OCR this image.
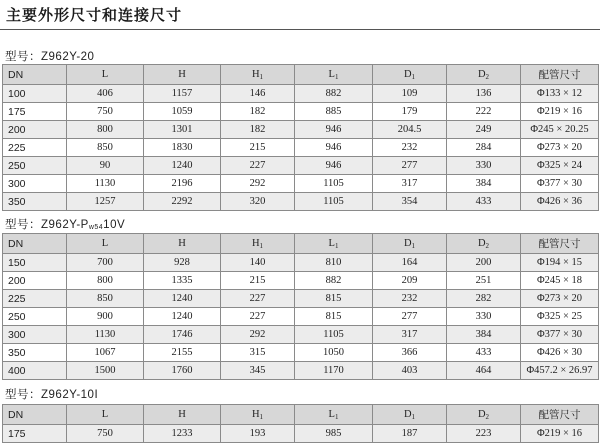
主要外形尺寸和连接尺寸
型号：Z962Y-20
DN	L	H	$H_1$	$L_1$	$D_1$	$D_2$	配管尺寸
100	406	1157	146	882	109	136	Φ133 × 12
175	750	1059	182	885	179	222	Φ219 × 16
200	800	1301	182	946	204.5	249	Φ245 × 20.25
225	850	1830	215	946	232	284	Φ273 × 20
250	90	1240	227	946	277	330	Φ325 × 24
300	1130	2196	292	1105	317	384	Φ377 × 30
350	1257	2292	320	1105	354	433	Φ426 × 36
型号：$Z962Y-P_{w54}10V$
DN	L	H	$H_1$	$L_1$	$D_1$	$D_2$	配管尺寸
150	700	928	140	810	164	200	Φ194 × 15
200	800	1335	215	882	209	251	Φ245 × 18
225	850	1240	227	815	232	282	Φ273 × 20
250	900	1240	227	815	277	330	Φ325 × 25
300	1130	1746	292	1105	317	384	Φ377 × 30
350	1067	2155	315	1050	366	433	Φ426 × 30
400	1500	1760	345	1170	403	464	Φ457.2 × 26.97
型号：Z962Y-10I
DN	L	H	$H_1$	$L_1$	$D_1$	$D_2$	配管尺寸
175	750	1233	193	985	187	223	Φ219 × 16
